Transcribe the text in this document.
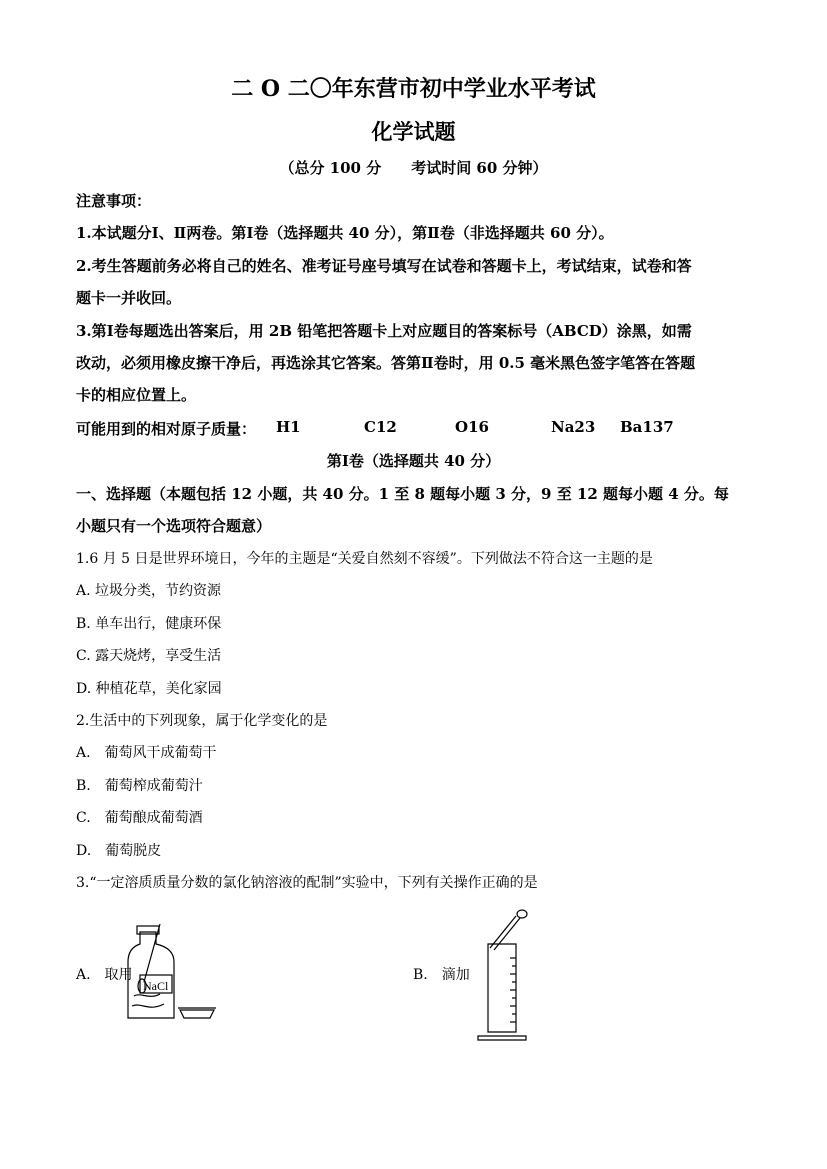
二 O 二〇年东营市初中学业水平考试
化学试题
（总分 100 分　　考试时间 60 分钟）
注意事项：
1.本试题分Ⅰ、Ⅱ两卷。第Ⅰ卷（选择题共 40 分），第Ⅱ卷（非选择题共 60 分）。
2.考生答题前务必将自己的姓名、准考证号座号填写在试卷和答题卡上，考试结束，试卷和答
题卡一并收回。
3.第Ⅰ卷每题选出答案后，用 2B 铅笔把答题卡上对应题目的答案标号（ABCD）涂黑，如需
改动，必须用橡皮擦干净后，再选涂其它答案。答第Ⅱ卷时，用 0.5 毫米黑色签字笔答在答题
卡的相应位置上。
可能用到的相对原子质量： H1	C12	O16	Na23 Ba137
第Ⅰ卷（选择题共 40 分）
一、选择题（本题包括 12 小题，共 40 分。1 至 8 题每小题 3 分，9 至 12 题每小题 4 分。每
小题只有一个选项符合题意）
1.6 月 5 日是世界环境日，今年的主题是“关爱自然刻不容缓”。下列做法不符合这一主题的是
A. 垃圾分类，节约资源
B. 单车出行，健康环保
C. 露天烧烤，享受生活
D. 种植花草，美化家园
2.生活中的下列现象，属于化学变化的是
A.　葡萄风干成葡萄干
B.　葡萄榨成葡萄汁
C.　葡萄酿成葡萄酒
D.　葡萄脱皮
3.“一定溶质质量分数的氯化钠溶液的配制”实验中，下列有关操作正确的是
A.　取用	B.　滴加
NaCl
